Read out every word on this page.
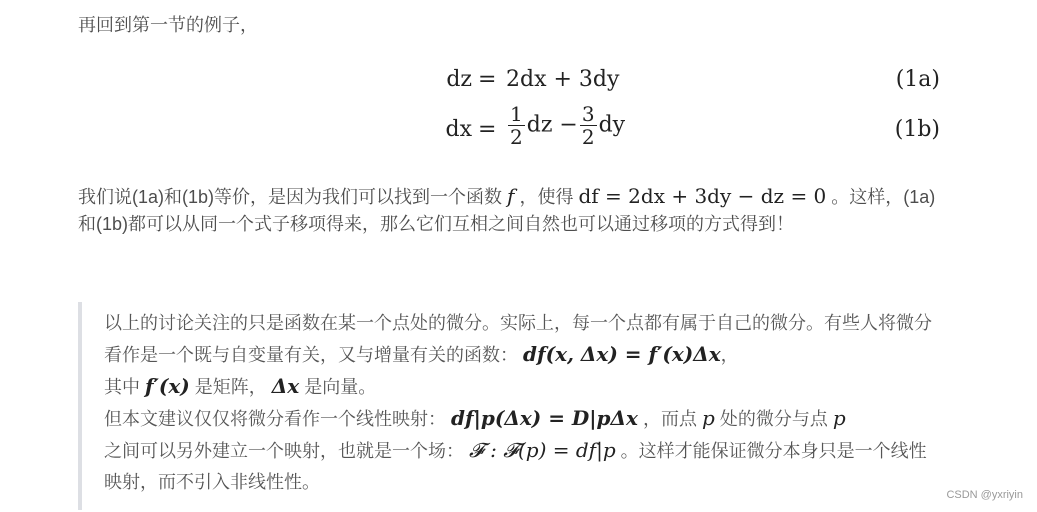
再回到第一节的例子，
dz = 2dx + 3dy	(1a)
dx = $\frac{1}{2}$ dz − $\frac{3}{2}$ dy	(1b)
我们说(1a)和(1b)等价，是因为我们可以找到一个函数 f ，使得 df = 2dx + 3dy − dz = 0 。这样，(1a)和(1b)都可以从同一个式子移项得来，那么它们互相之间自然也可以通过移项的方式得到！
以上的讨论关注的只是函数在某一个点处的微分。实际上，每一个点都有属于自己的微分。有些人将微分看作是一个既与自变量有关，又与增量有关的函数： df(x, Δx) = f′(x)Δx，
其中 f′(x) 是矩阵， Δx 是向量。
但本文建议仅仅将微分看作一个线性映射： df|p(Δx) = D|pΔx ，而点 p 处的微分与点 p
之间可以另外建立一个映射，也就是一个场： 𝓕 : 𝓕(p) = df|p 。这样才能保证微分本身只是一个线性映射，而不引入非线性性。
CSDN @yxriyin
